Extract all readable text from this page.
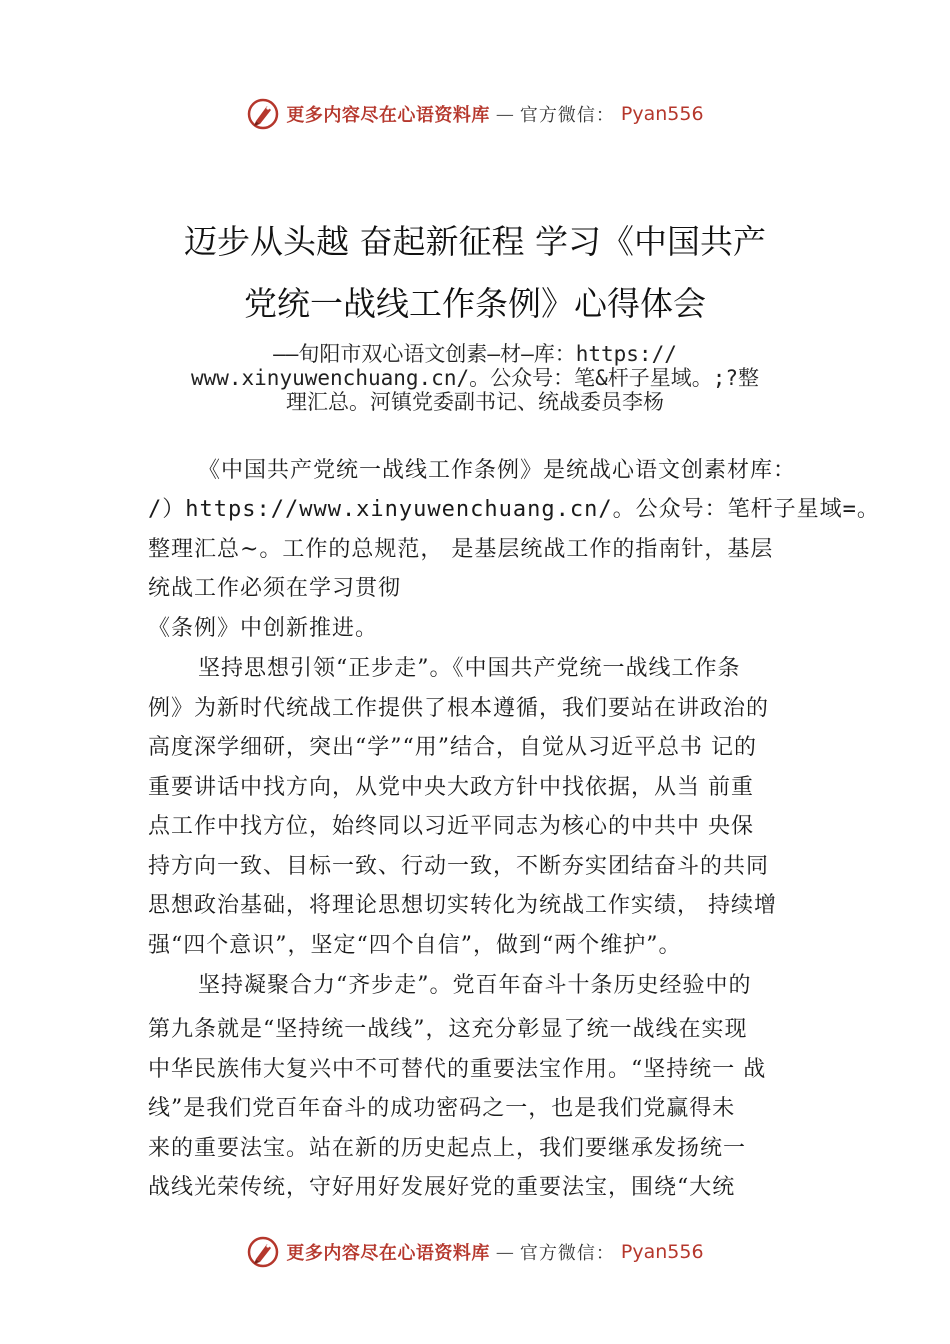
更多内容尽在心语资料库 — 官方微信： Pyan556
迈步从头越 奋起新征程 学习《中国共产
党统一战线工作条例》心得体会

——旬阳市双心语文创素—材—库：https://
www.xinyuwenchuang.cn/。公众号：笔&杆子星域。;?整
理汇总。河镇党委副书记、统战委员李杨

《中国共产党统一战线工作条例》是统战心语文创素材库：
/）https://www.xinyuwenchuang.cn/。公众号：笔杆子星域=。
整理汇总~。工作的总规范， 是基层统战工作的指南针，基层
统战工作必须在学习贯彻
《条例》中创新推进。
坚持思想引领“正步走”。《中国共产党统一战线工作条
例》为新时代统战工作提供了根本遵循，我们要站在讲政治的
高度深学细研，突出“学”“用”结合，自觉从习近平总书 记的
重要讲话中找方向，从党中央大政方针中找依据，从当 前重
点工作中找方位，始终同以习近平同志为核心的中共中 央保
持方向一致、目标一致、行动一致，不断夯实团结奋斗的共同
思想政治基础，将理论思想切实转化为统战工作实绩， 持续增
强“四个意识”，坚定“四个自信”，做到“两个维护”。
坚持凝聚合力“齐步走”。党百年奋斗十条历史经验中的
第九条就是“坚持统一战线”，这充分彰显了统一战线在实现
中华民族伟大复兴中不可替代的重要法宝作用。“坚持统一 战
线”是我们党百年奋斗的成功密码之一，也是我们党赢得未
来的重要法宝。站在新的历史起点上，我们要继承发扬统一
战线光荣传统，守好用好发展好党的重要法宝，围绕“大统
更多内容尽在心语资料库 — 官方微信： Pyan556
